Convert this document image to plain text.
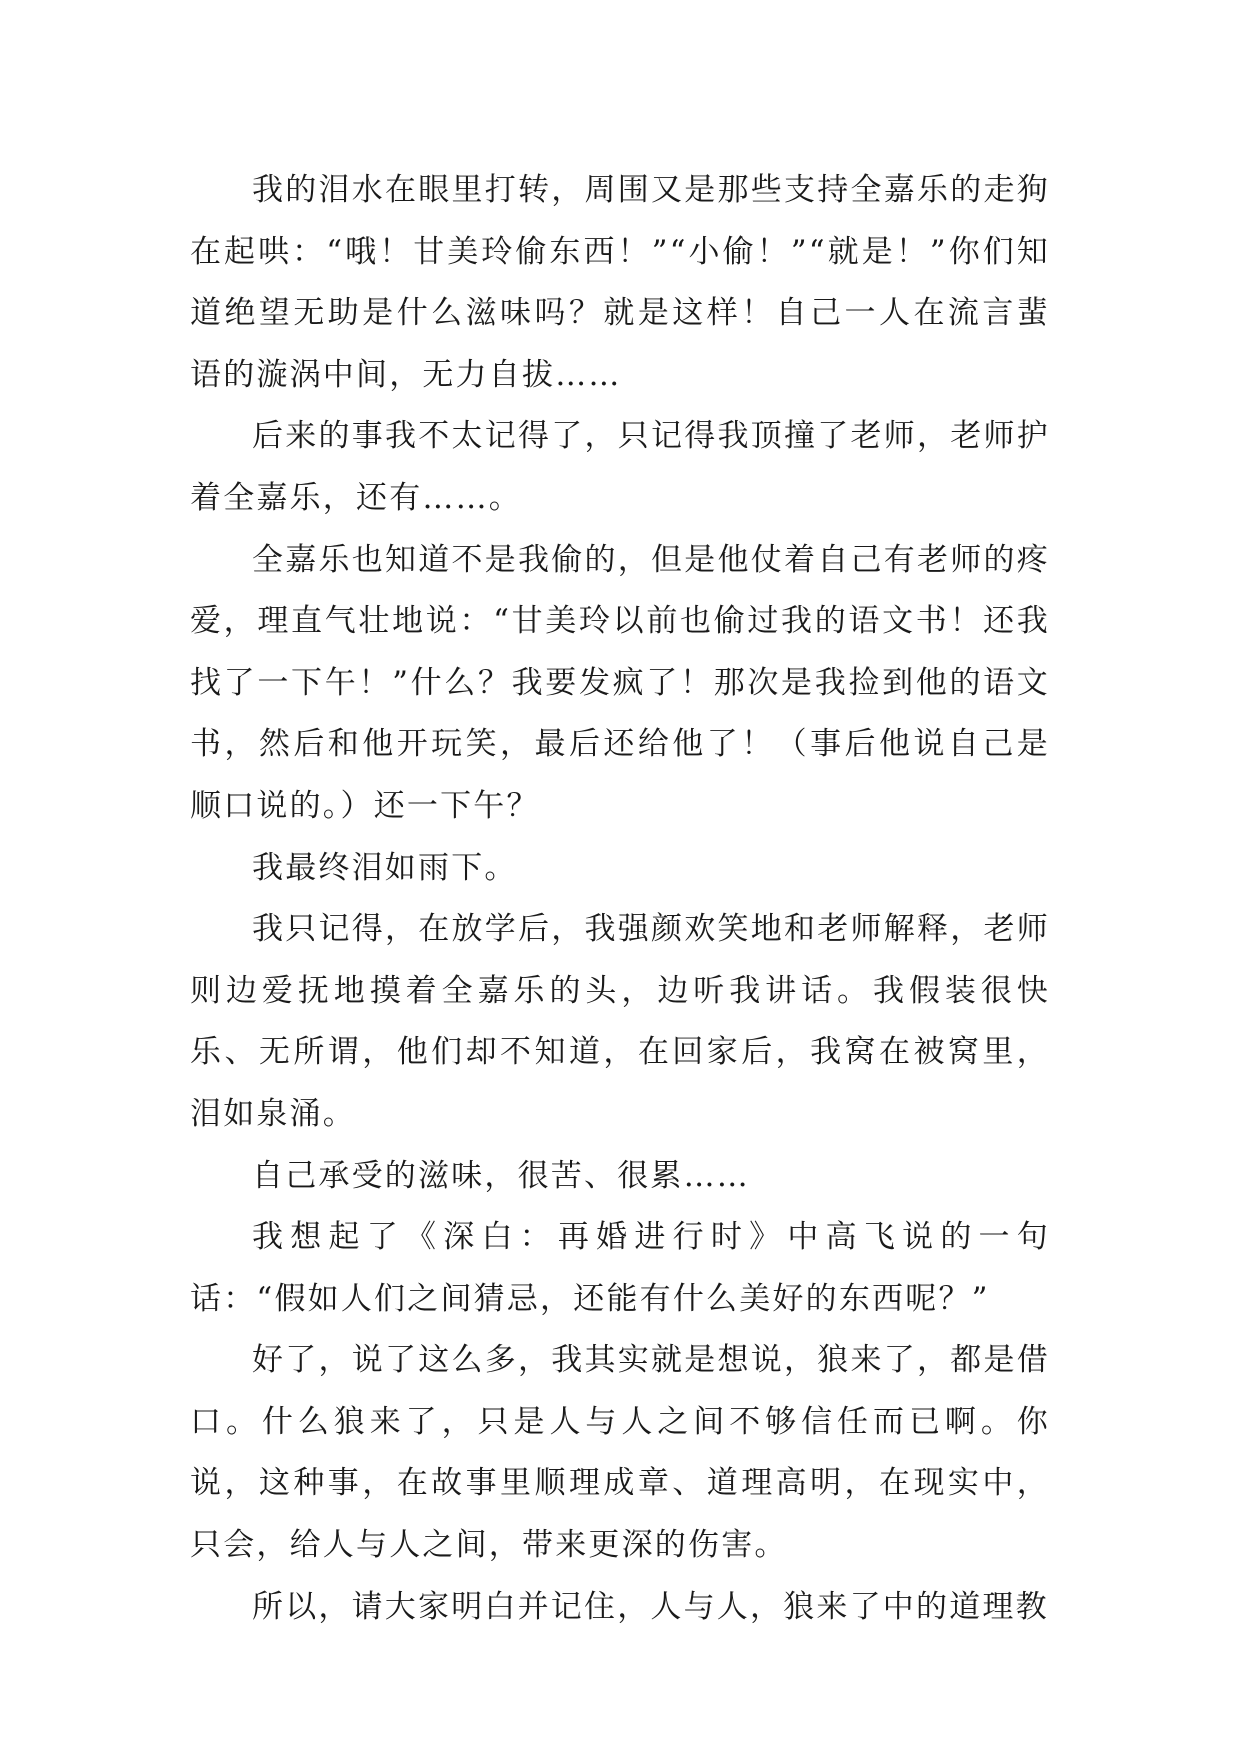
我的泪水在眼里打转，周围又是那些支持全嘉乐的走狗在起哄：“哦！甘美玲偷东西！”“小偷！”“就是！”你们知道绝望无助是什么滋味吗？就是这样！自己一人在流言蜚语的漩涡中间，无力自拔……

后来的事我不太记得了，只记得我顶撞了老师，老师护着全嘉乐，还有……。

全嘉乐也知道不是我偷的，但是他仗着自己有老师的疼爱，理直气壮地说：“甘美玲以前也偷过我的语文书！还我找了一下午！”什么？我要发疯了！那次是我捡到他的语文书，然后和他开玩笑，最后还给他了！（事后他说自己是顺口说的。）还一下午？

我最终泪如雨下。

我只记得，在放学后，我强颜欢笑地和老师解释，老师则边爱抚地摸着全嘉乐的头，边听我讲话。我假装很快乐、无所谓，他们却不知道，在回家后，我窝在被窝里，泪如泉涌。

自己承受的滋味，很苦、很累……

我想起了《深白：再婚进行时》中高飞说的一句话：“假如人们之间猜忌，还能有什么美好的东西呢？”

好了，说了这么多，我其实就是想说，狼来了，都是借口。什么狼来了，只是人与人之间不够信任而已啊。你说，这种事，在故事里顺理成章、道理高明，在现实中，只会，给人与人之间，带来更深的伤害。

所以，请大家明白并记住，人与人，狼来了中的道理教
